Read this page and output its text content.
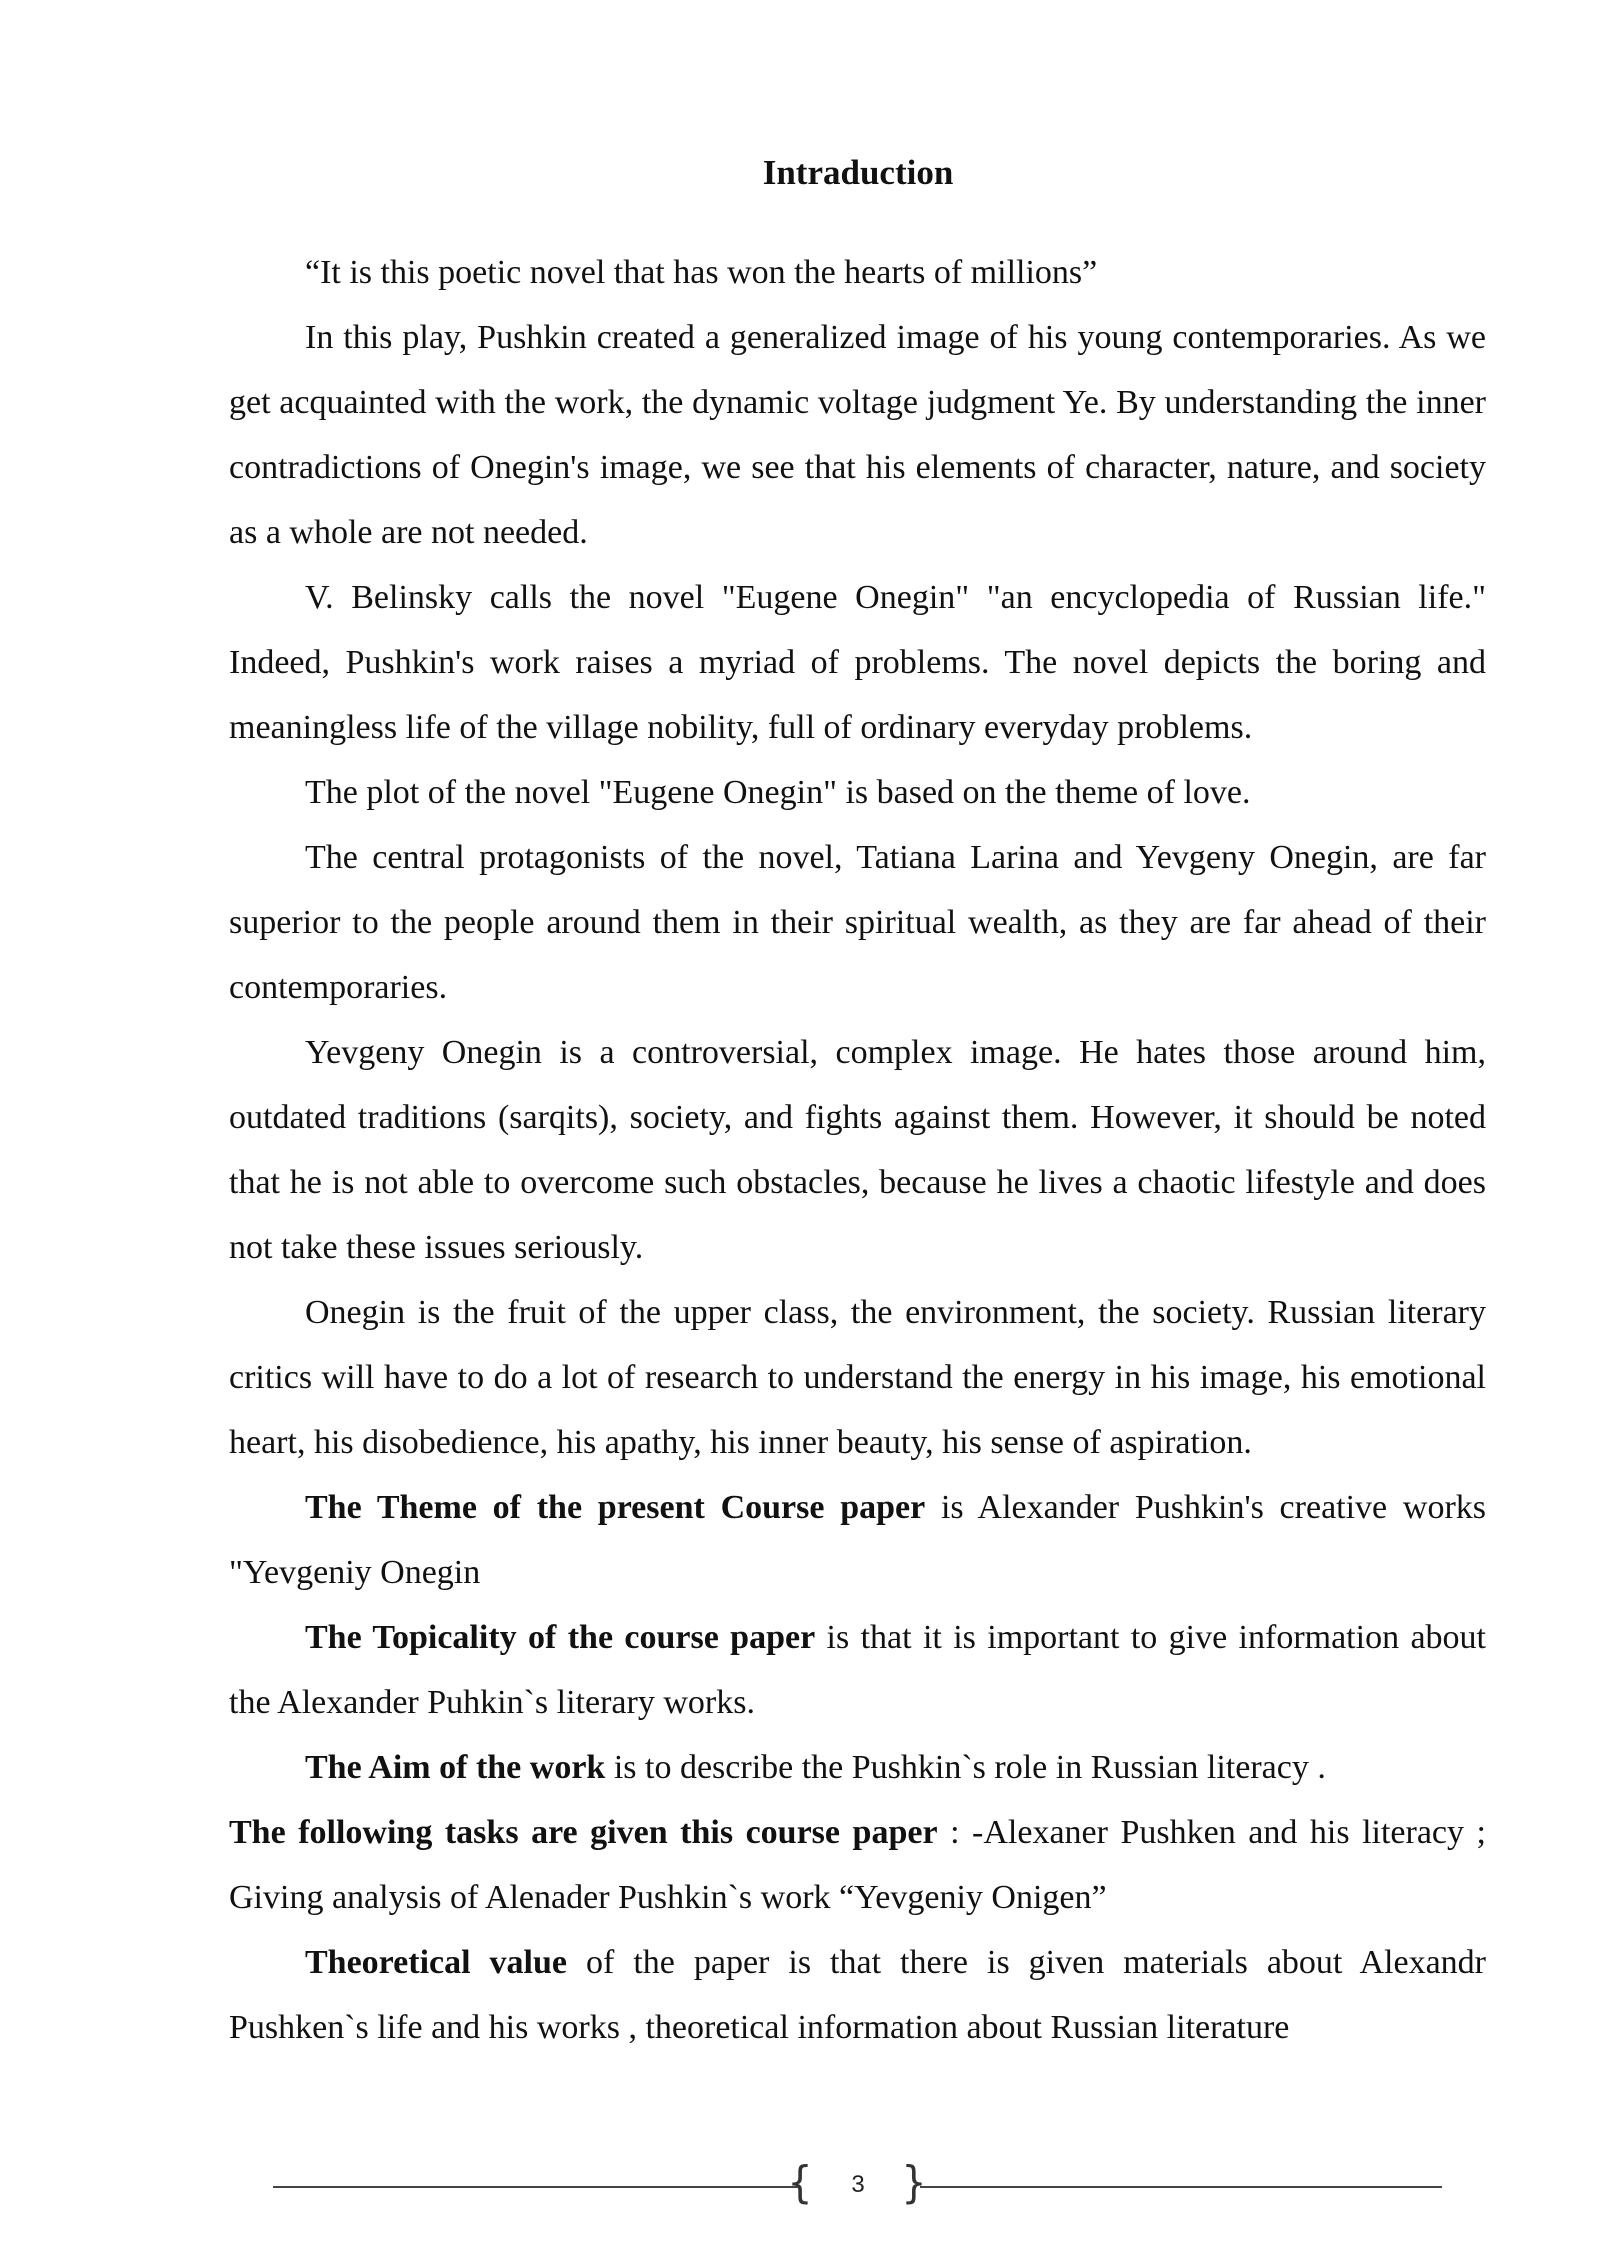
Intraduction

“It is this poetic novel that has won the hearts of millions”

In this play, Pushkin created a generalized image of his young contemporaries. As we get acquainted with the work, the dynamic voltage judgment Ye. By understanding the inner contradictions of Onegin's image, we see that his elements of character, nature, and society as a whole are not needed.

V. Belinsky calls the novel "Eugene Onegin" "an encyclopedia of Russian life." Indeed, Pushkin's work raises a myriad of problems. The novel depicts the boring and meaningless life of the village nobility, full of ordinary everyday problems.

The plot of the novel "Eugene Onegin" is based on the theme of love.

The central protagonists of the novel, Tatiana Larina and Yevgeny Onegin, are far superior to the people around them in their spiritual wealth, as they are far ahead of their contemporaries.

Yevgeny Onegin is a controversial, complex image. He hates those around him, outdated traditions (sarqits), society, and fights against them. However, it should be noted that he is not able to overcome such obstacles, because he lives a chaotic lifestyle and does not take these issues seriously.

Onegin is the fruit of the upper class, the environment, the society. Russian literary critics will have to do a lot of research to understand the energy in his image, his emotional heart, his disobedience, his apathy, his inner beauty, his sense of aspiration.

The Theme of the present Course paper is Alexander Pushkin's creative works "Yevgeniy Onegin

The Topicality of the course paper is that it is important to give information about the Alexander Puhkin`s literary works.

The Aim of the work is to describe the Pushkin`s role in Russian literacy .

The following tasks are given this course paper : -Alexaner Pushken and his literacy ; Giving analysis of Alenader Pushkin`s work “Yevgeniy Onigen”

Theoretical value of the paper is that there is given materials about Alexandr Pushken`s life and his works , theoretical information about Russian literature

{	3 }
